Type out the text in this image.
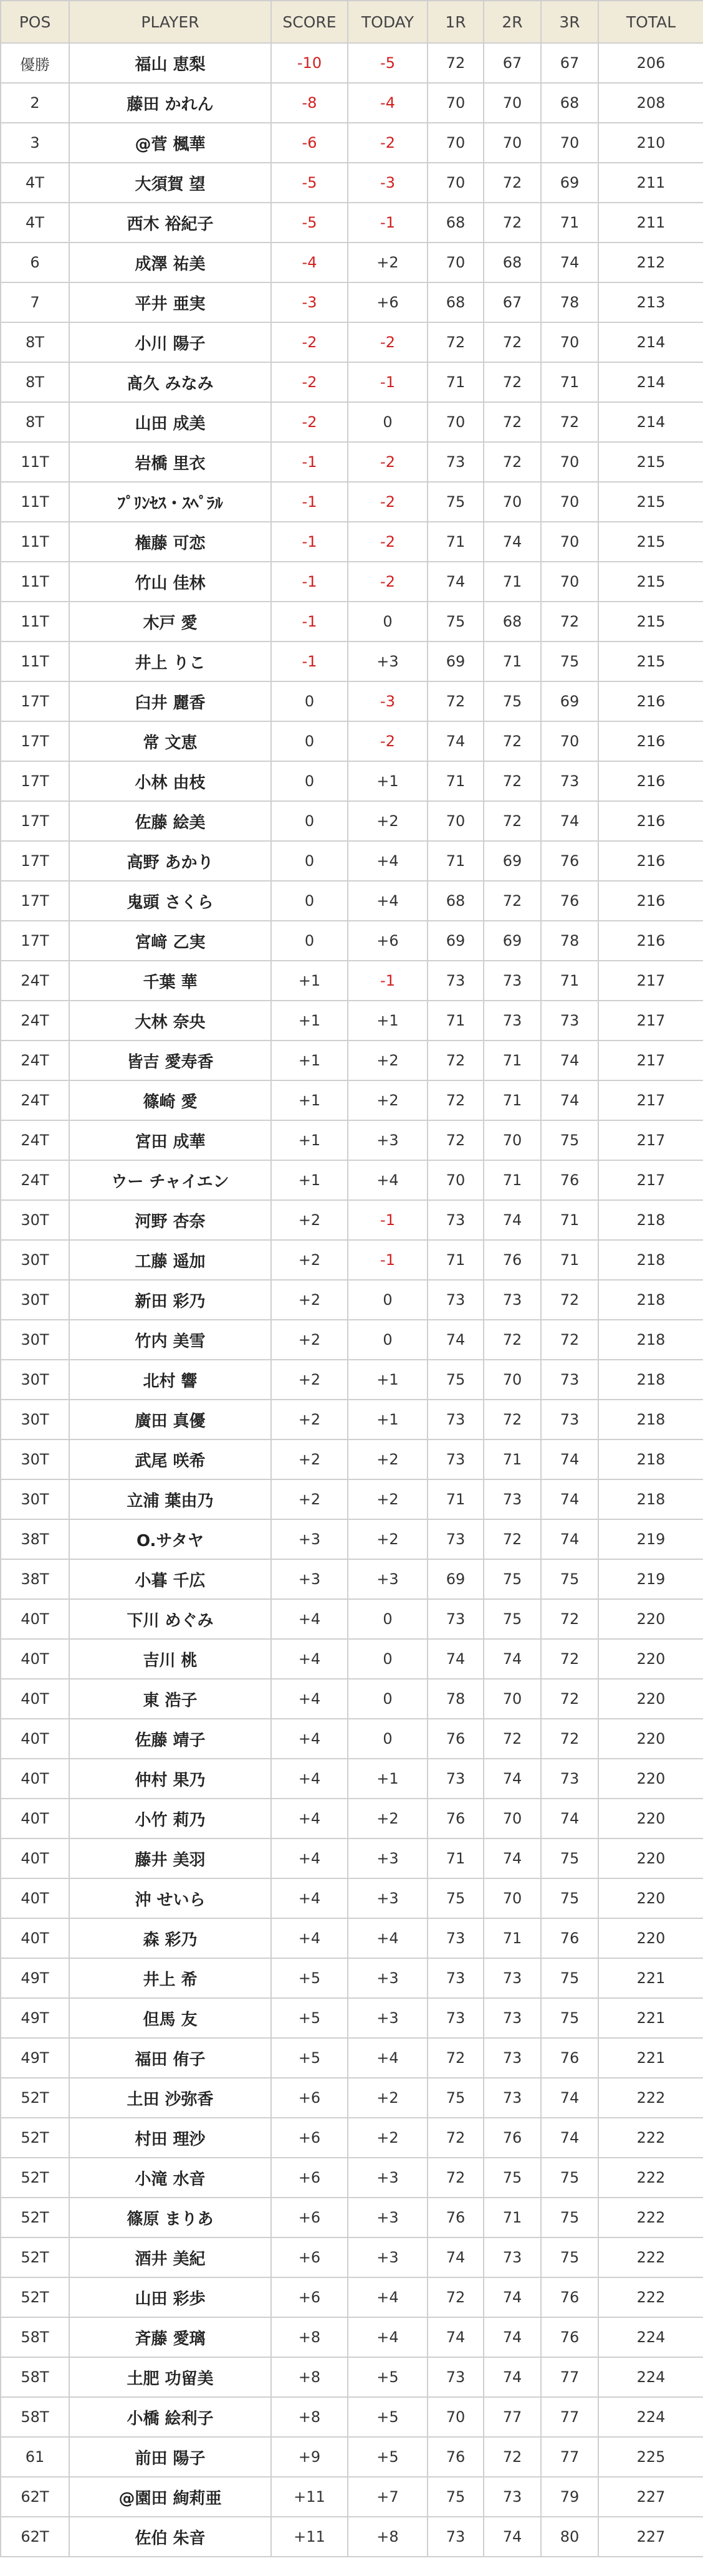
POS	PLAYER	SCORE	TODAY	1R	2R	3R	TOTAL
優勝	福山 恵梨	-10	-5	72	67	67	206
2	藤田 かれん	-8	-4	70	70	68	208
3	@菅 楓華	-6	-2	70	70	70	210
4T	大須賀 望	-5	-3	70	72	69	211
4T	西木 裕紀子	-5	-1	68	72	71	211
6	成澤 祐美	-4	+2	70	68	74	212
7	平井 亜実	-3	+6	68	67	78	213
8T	小川 陽子	-2	-2	72	72	70	214
8T	髙久 みなみ	-2	-1	71	72	71	214
8T	山田 成美	-2	0	70	72	72	214
11T	岩橋 里衣	-1	-2	73	72	70	215
11T	ﾌﾟﾘﾝｾｽ・ｽﾍﾟﾗﾙ	-1	-2	75	70	70	215
11T	権藤 可恋	-1	-2	71	74	70	215
11T	竹山 佳林	-1	-2	74	71	70	215
11T	木戸 愛	-1	0	75	68	72	215
11T	井上 りこ	-1	+3	69	71	75	215
17T	臼井 麗香	0	-3	72	75	69	216
17T	常 文恵	0	-2	74	72	70	216
17T	小林 由枝	0	+1	71	72	73	216
17T	佐藤 絵美	0	+2	70	72	74	216
17T	高野 あかり	0	+4	71	69	76	216
17T	鬼頭 さくら	0	+4	68	72	76	216
17T	宮﨑 乙実	0	+6	69	69	78	216
24T	千葉 華	+1	-1	73	73	71	217
24T	大林 奈央	+1	+1	71	73	73	217
24T	皆吉 愛寿香	+1	+2	72	71	74	217
24T	篠崎 愛	+1	+2	72	71	74	217
24T	宮田 成華	+1	+3	72	70	75	217
24T	ウー チャイエン	+1	+4	70	71	76	217
30T	河野 杏奈	+2	-1	73	74	71	218
30T	工藤 遥加	+2	-1	71	76	71	218
30T	新田 彩乃	+2	0	73	73	72	218
30T	竹内 美雪	+2	0	74	72	72	218
30T	北村 響	+2	+1	75	70	73	218
30T	廣田 真優	+2	+1	73	72	73	218
30T	武尾 咲希	+2	+2	73	71	74	218
30T	立浦 葉由乃	+2	+2	71	73	74	218
38T	O.サタヤ	+3	+2	73	72	74	219
38T	小暮 千広	+3	+3	69	75	75	219
40T	下川 めぐみ	+4	0	73	75	72	220
40T	吉川 桃	+4	0	74	74	72	220
40T	東 浩子	+4	0	78	70	72	220
40T	佐藤 靖子	+4	0	76	72	72	220
40T	仲村 果乃	+4	+1	73	74	73	220
40T	小竹 莉乃	+4	+2	76	70	74	220
40T	藤井 美羽	+4	+3	71	74	75	220
40T	沖 せいら	+4	+3	75	70	75	220
40T	森 彩乃	+4	+4	73	71	76	220
49T	井上 希	+5	+3	73	73	75	221
49T	但馬 友	+5	+3	73	73	75	221
49T	福田 侑子	+5	+4	72	73	76	221
52T	土田 沙弥香	+6	+2	75	73	74	222
52T	村田 理沙	+6	+2	72	76	74	222
52T	小滝 水音	+6	+3	72	75	75	222
52T	篠原 まりあ	+6	+3	76	71	75	222
52T	酒井 美紀	+6	+3	74	73	75	222
52T	山田 彩歩	+6	+4	72	74	76	222
58T	斉藤 愛璃	+8	+4	74	74	76	224
58T	土肥 功留美	+8	+5	73	74	77	224
58T	小橋 絵利子	+8	+5	70	77	77	224
61	前田 陽子	+9	+5	76	72	77	225
62T	@園田 絢莉亜	+11	+7	75	73	79	227
62T	佐伯 朱音	+11	+8	73	74	80	227
